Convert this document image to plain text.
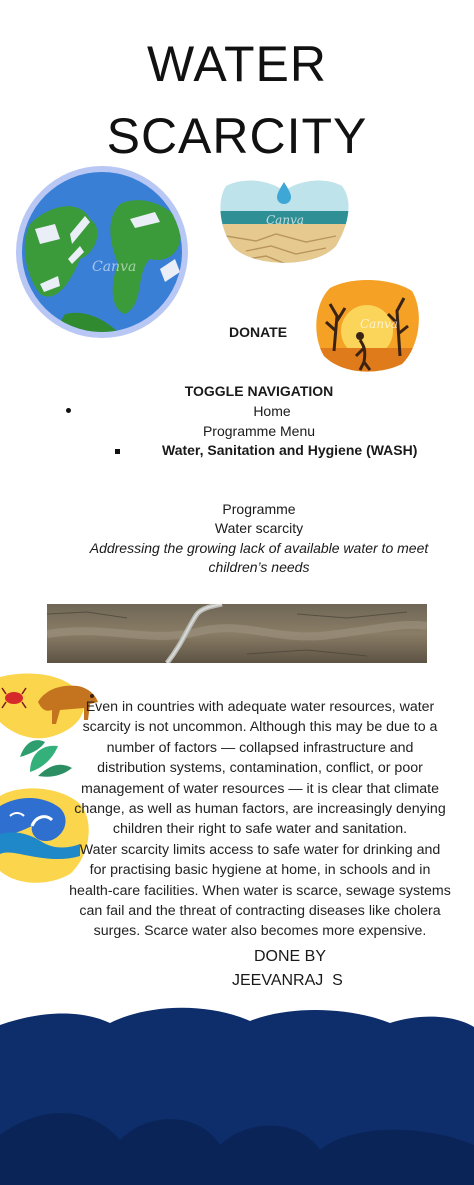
WATER
SCARCITY
Canva
Canva
Canva
DONATE
TOGGLE NAVIGATION
Home
Programme Menu
Water, Sanitation and Hygiene (WASH)
Programme
Water scarcity
Addressing the growing lack of available water to meet
children’s needs
Even in countries with adequate water resources, water
scarcity is not uncommon. Although this may be due to a
number of factors — collapsed infrastructure and
distribution systems, contamination, conflict, or poor
management of water resources — it is clear that climate
change, as well as human factors, are increasingly denying
children their right to safe water and sanitation.
Water scarcity limits access to safe water for drinking and
for practising basic hygiene at home, in schools and in
health-care facilities. When water is scarce, sewage systems
can fail and the threat of contracting diseases like cholera
surges. Scarce water also becomes more expensive.
DONE BY
JEEVANRAJ  S
